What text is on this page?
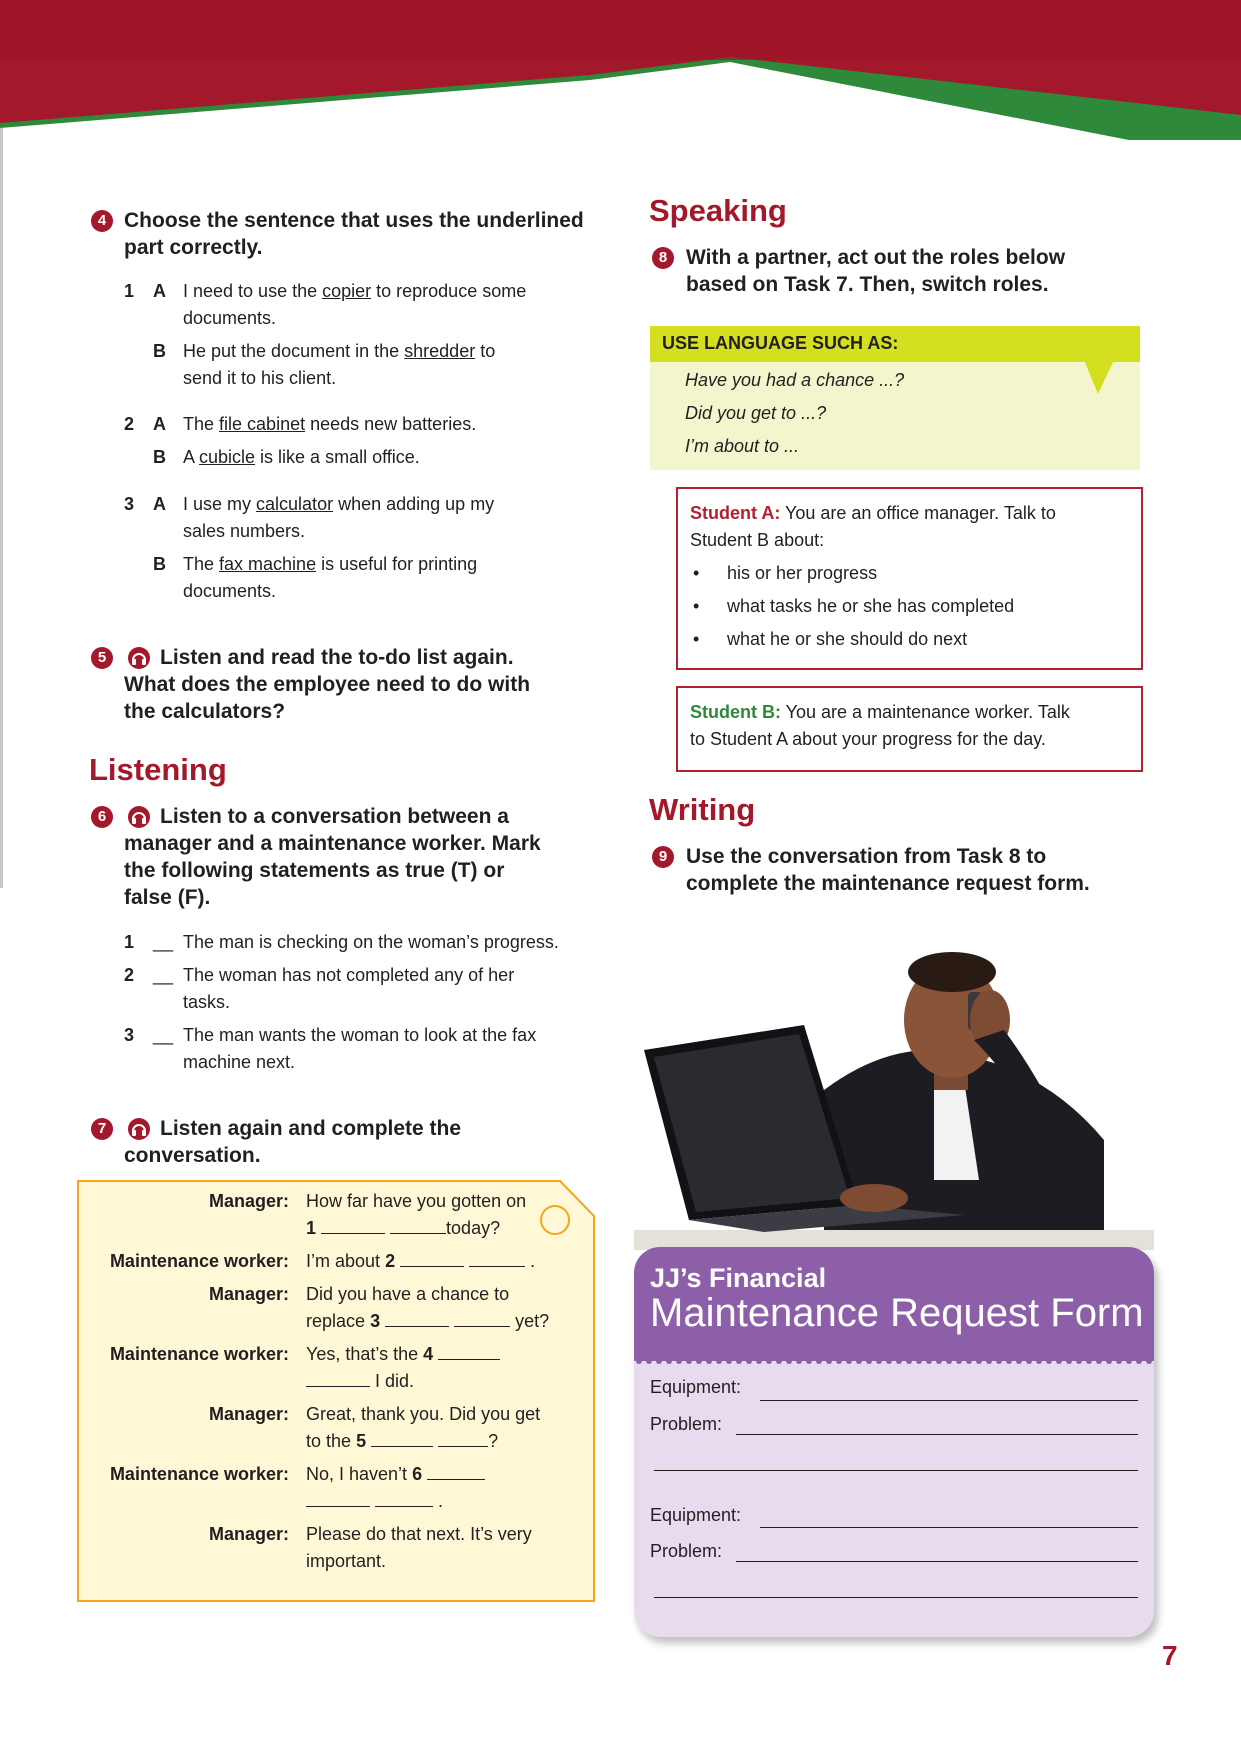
4 Choose the sentence that uses the underlined
part correctly.
1 A I need to use the copier to reproduce some
documents.
B He put the document in the shredder to
send it to his client.
2 A The file cabinet needs new batteries.
B A cubicle is like a small office.
3 A I use my calculator when adding up my
sales numbers.
B The fax machine is useful for printing
documents.
5	Listen and read the to-do list again.
What does the employee need to do with
the calculators?
Listening
6	Listen to a conversation between a
manager and a maintenance worker. Mark
the following statements as true (T) or
false (F).
1 __ The man is checking on the woman’s progress.
2 __ The woman has not completed any of her
tasks.
3 __ The man wants the woman to look at the fax
machine next.
7	Listen again and complete the
conversation.
Manager: How far have you gotten on
1	today?
Maintenance worker: I’m about 2	.
Manager: Did you have a chance to
replace 3	yet?
Maintenance worker: Yes, that’s the 4
I did.
Manager: Great, thank you. Did you get
to the 5	?
Maintenance worker: No, I haven’t 6
.
Manager: Please do that next. It’s very
important.
Speaking
8 With a partner, act out the roles below
based on Task 7. Then, switch roles.
USE LANGUAGE SUCH AS:
Have you had a chance ...?
Did you get to ...?
I’m about to ...
Student A: You are an office manager. Talk to
Student B about:
• his or her progress
• what tasks he or she has completed
• what he or she should do next
Student B: You are a maintenance worker. Talk
to Student A about your progress for the day.
Writing
9 Use the conversation from Task 8 to
complete the maintenance request form.
JJ’s Financial
Maintenance Request Form
Equipment:
Problem:
Equipment:
Problem:
7
